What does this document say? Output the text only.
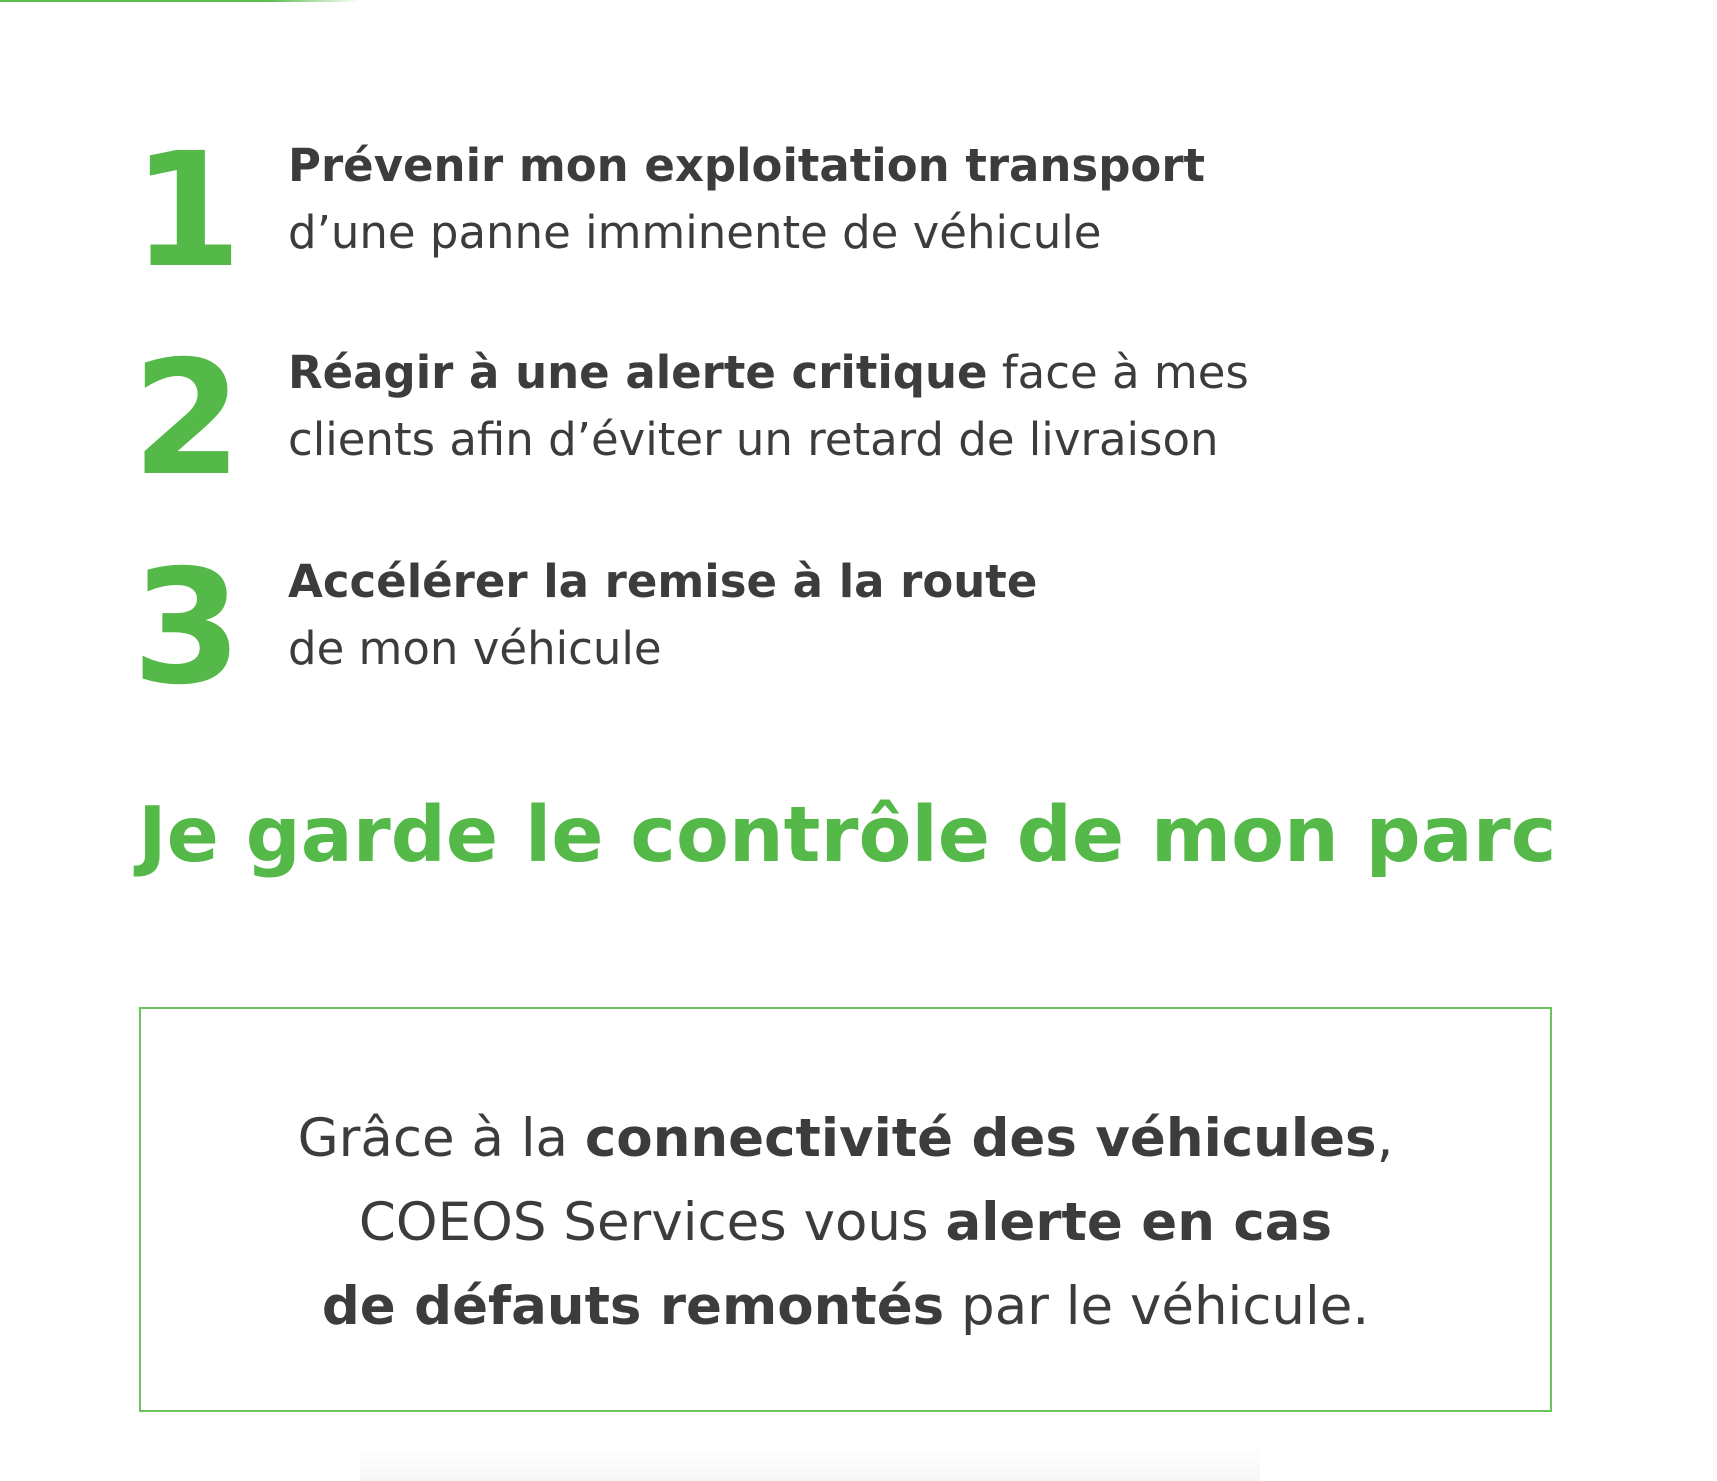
1 Prévenir mon exploitation transport
d’une panne imminente de véhicule
2 Réagir à une alerte critique face à mes
clients afin d’éviter un retard de livraison
3 Accélérer la remise à la route
de mon véhicule
Je garde le contrôle de mon parc
Grâce à la connectivité des véhicules,
COEOS Services vous alerte en cas
de défauts remontés par le véhicule.
